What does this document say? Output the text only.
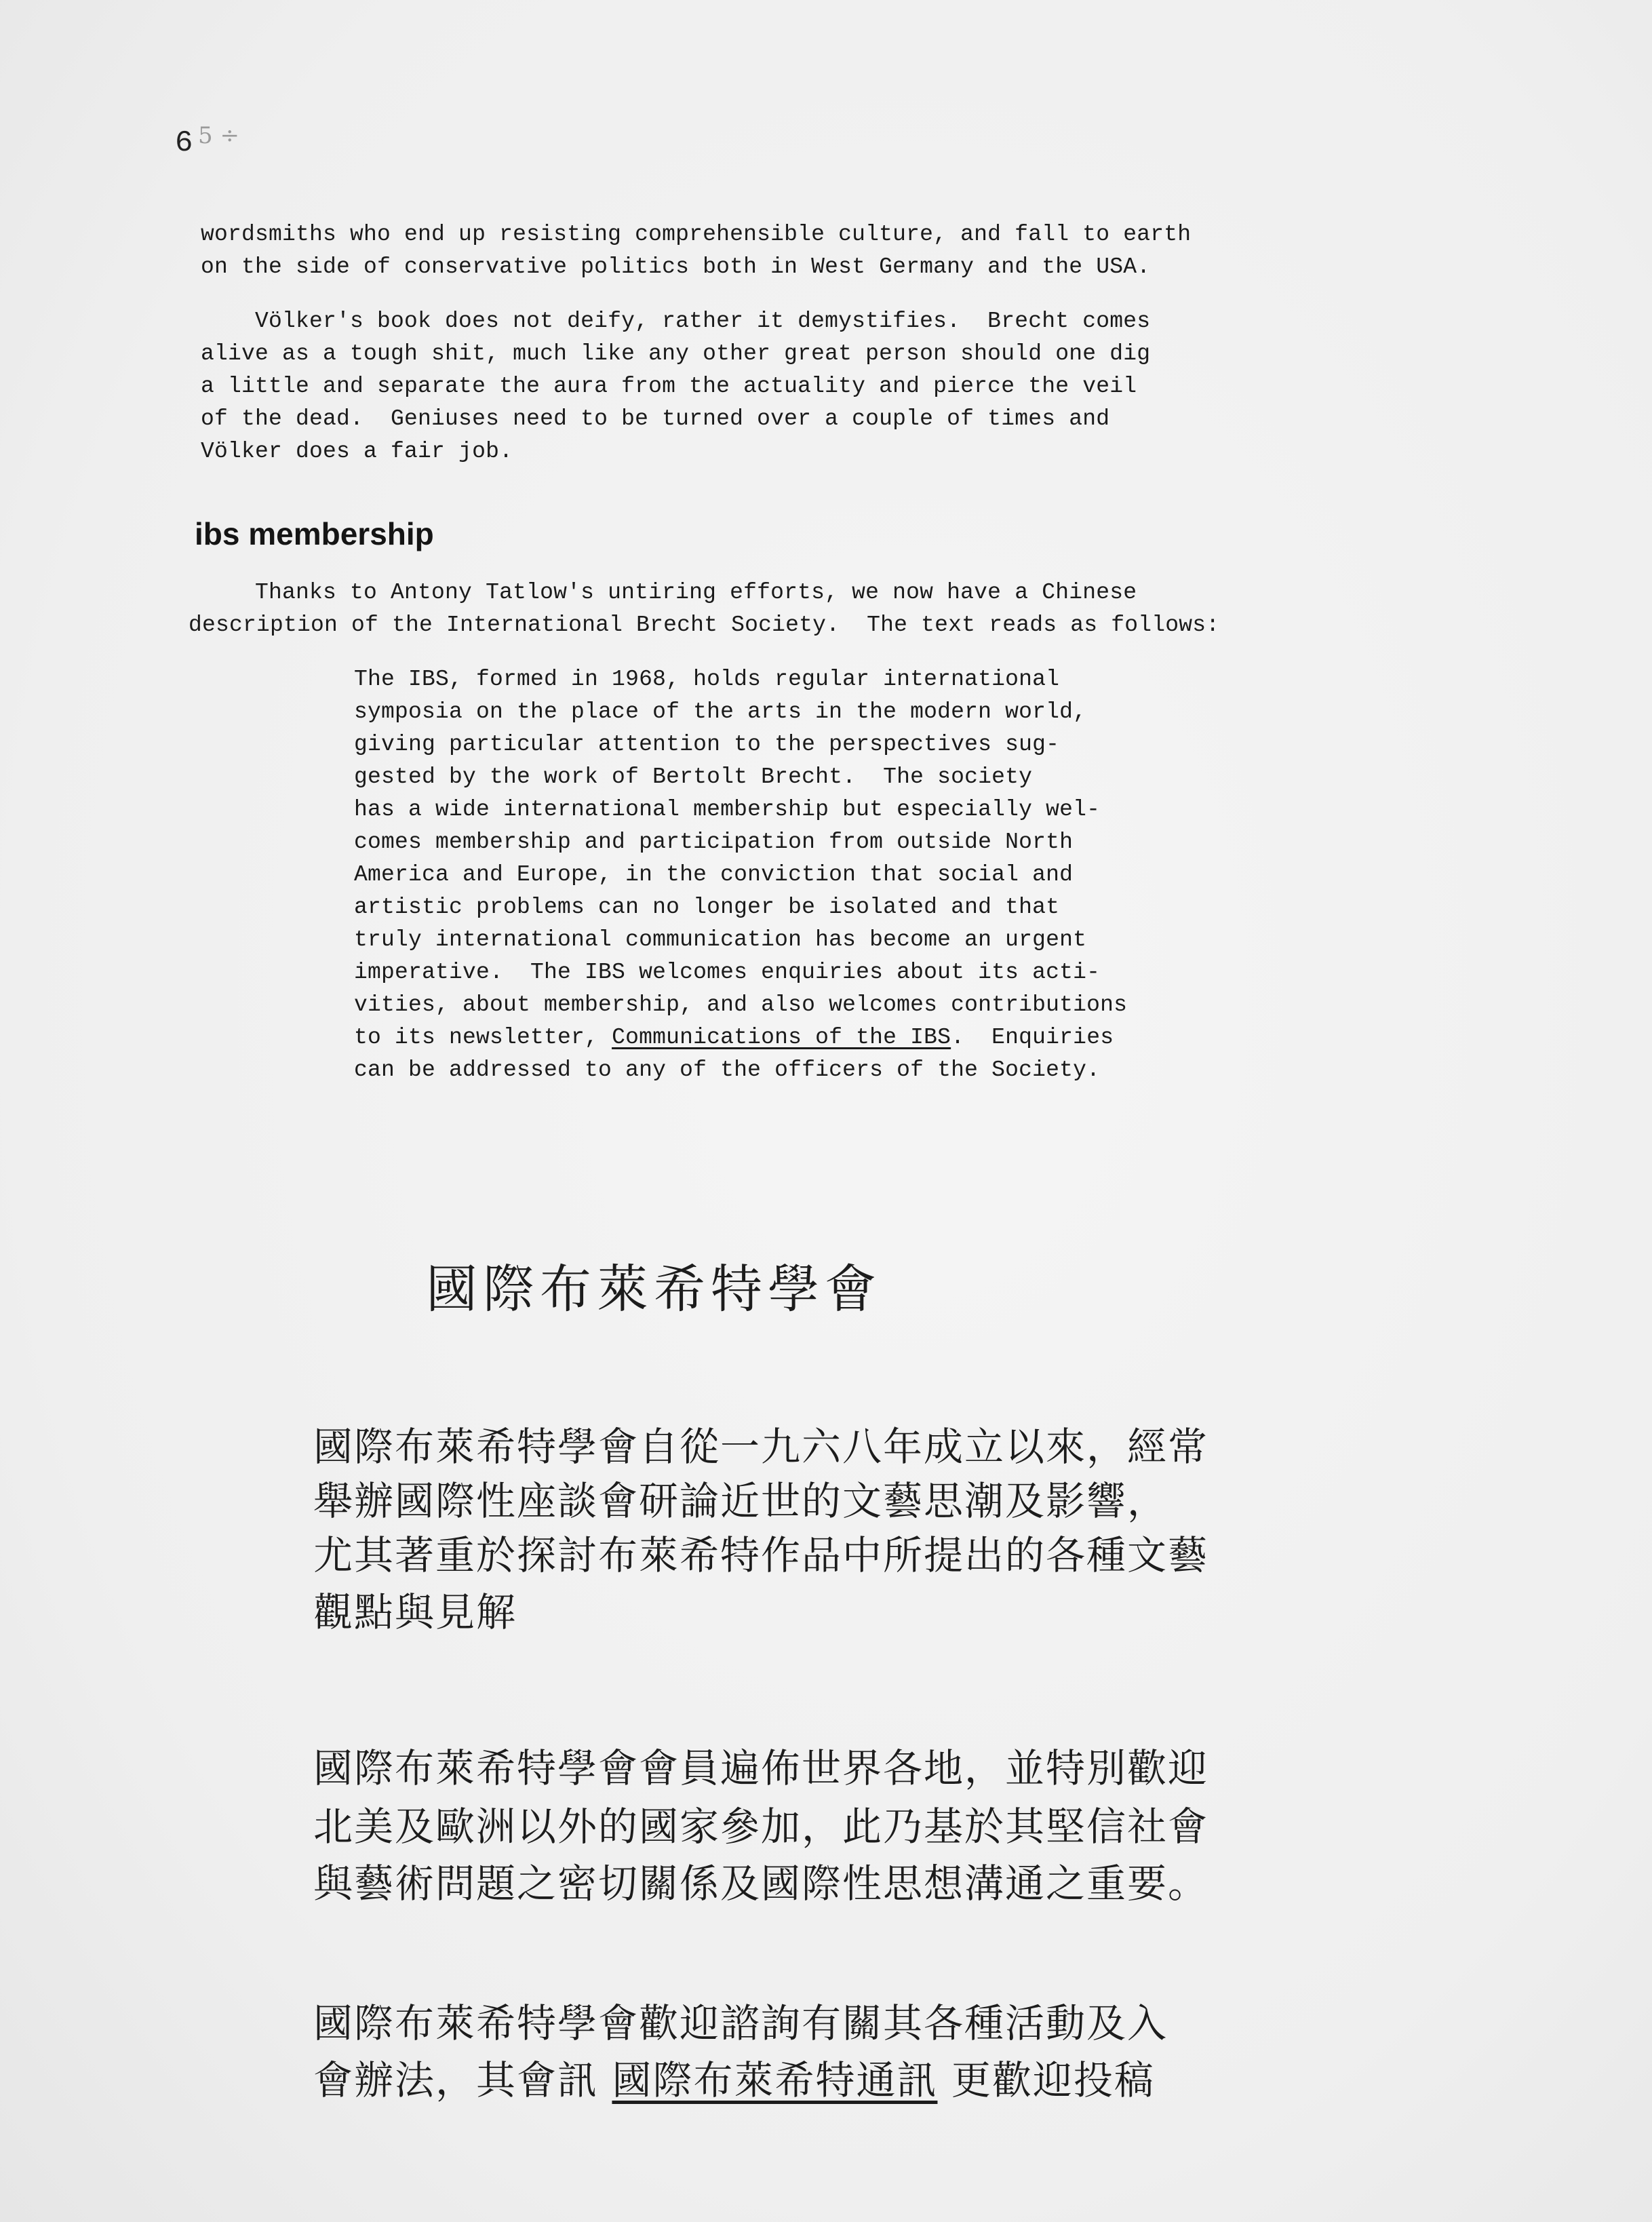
6 5 ÷
wordsmiths who end up resisting comprehensible culture, and fall to earth
on the side of conservative politics both in West Germany and the USA.
Völker's book does not deify, rather it demystifies.  Brecht comes
alive as a tough shit, much like any other great person should one dig
a little and separate the aura from the actuality and pierce the veil
of the dead.  Geniuses need to be turned over a couple of times and
Völker does a fair job.
ibs membership
Thanks to Antony Tatlow's untiring efforts, we now have a Chinese
description of the International Brecht Society.  The text reads as follows:
The IBS, formed in 1968, holds regular international
symposia on the place of the arts in the modern world,
giving particular attention to the perspectives sug-
gested by the work of Bertolt Brecht.  The society
has a wide international membership but especially wel-
comes membership and participation from outside North
America and Europe, in the conviction that social and
artistic problems can no longer be isolated and that
truly international communication has become an urgent
imperative.  The IBS welcomes enquiries about its acti-
vities, about membership, and also welcomes contributions
to its newsletter, Communications of the IBS.  Enquiries
can be addressed to any of the officers of the Society.
國際布萊希特學會
國際布萊希特學會自從一九六八年成立以來，經常
舉辦國際性座談會研論近世的文藝思潮及影響，
尤其著重於探討布萊希特作品中所提出的各種文藝
觀點與見解
國際布萊希特學會會員遍佈世界各地，並特別歡迎
北美及歐洲以外的國家參加，此乃基於其堅信社會
與藝術問題之密切關係及國際性思想溝通之重要。
國際布萊希特學會歡迎諮詢有關其各種活動及入
會辦法，其會訊 國際布萊希特通訊 更歡迎投稿
